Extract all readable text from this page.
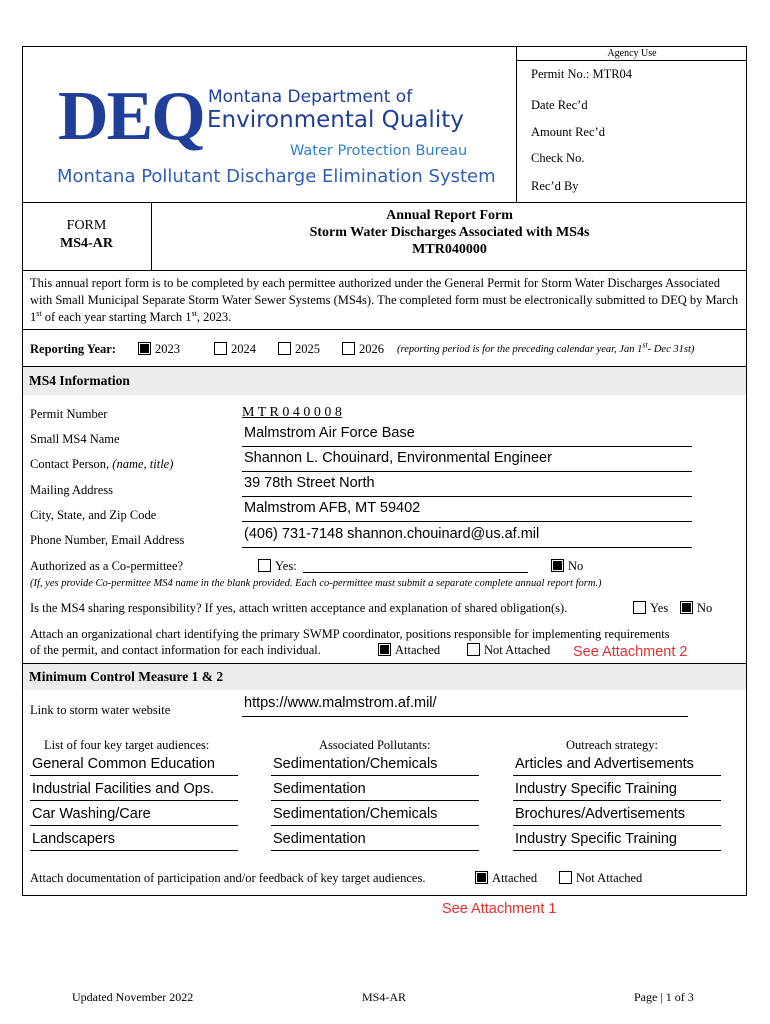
DEQ Montana Department of
Environmental Quality
Water Protection Bureau
Montana Pollutant Discharge Elimination System
Agency Use
Permit No.: MTR04
Date Rec’d
Amount Rec’d
Check No.
Rec’d By
FORM
MS4-AR
Annual Report Form
Storm Water Discharges Associated with MS4s
MTR040000
This annual report form is to be completed by each permittee authorized under the General Permit for Storm Water Discharges Associated with Small Municipal Separate Storm Water Sewer Systems (MS4s). The completed form must be electronically submitted to DEQ by March 1st of each year starting March 1st, 2023.
Reporting Year:	2023	2024	2025	2026 (reporting period is for the preceding calendar year, Jan 1st- Dec 31st)
MS4 Information
Permit Number	M T R 0 4 0 0 0 8
Small MS4 Name	Malmstrom Air Force Base
Contact Person, (name, title)	Shannon L. Chouinard, Environmental Engineer
Mailing Address	39 78th Street North
City, State, and Zip Code	Malmstrom AFB, MT 59402
Phone Number, Email Address	(406) 731-7148 shannon.chouinard@us.af.mil
Authorized as a Co-permittee?	Yes:	No
(If, yes provide Co-permittee MS4 name in the blank provided. Each co-permittee must submit a separate complete annual report form.)
Is the MS4 sharing responsibility? If yes, attach written acceptance and explanation of shared obligation(s).	Yes	No
Attach an organizational chart identifying the primary SWMP coordinator, positions responsible for implementing requirements
of the permit, and contact information for each individual.	Attached	Not Attached See Attachment 2
Minimum Control Measure 1 & 2
Link to storm water website	https://www.malmstrom.af.mil/
List of four key target audiences:	Associated Pollutants:	Outreach strategy:
General Common Education	Sedimentation/Chemicals	Articles and Advertisements
Industrial Facilities and Ops.	Sedimentation	Industry Specific Training
Car Washing/Care	Sedimentation/Chemicals	Brochures/Advertisements
Landscapers	Sedimentation	Industry Specific Training
Attach documentation of participation and/or feedback of key target audiences.	Attached	Not Attached
See Attachment 1
Updated November 2022	MS4-AR	Page | 1 of 3
